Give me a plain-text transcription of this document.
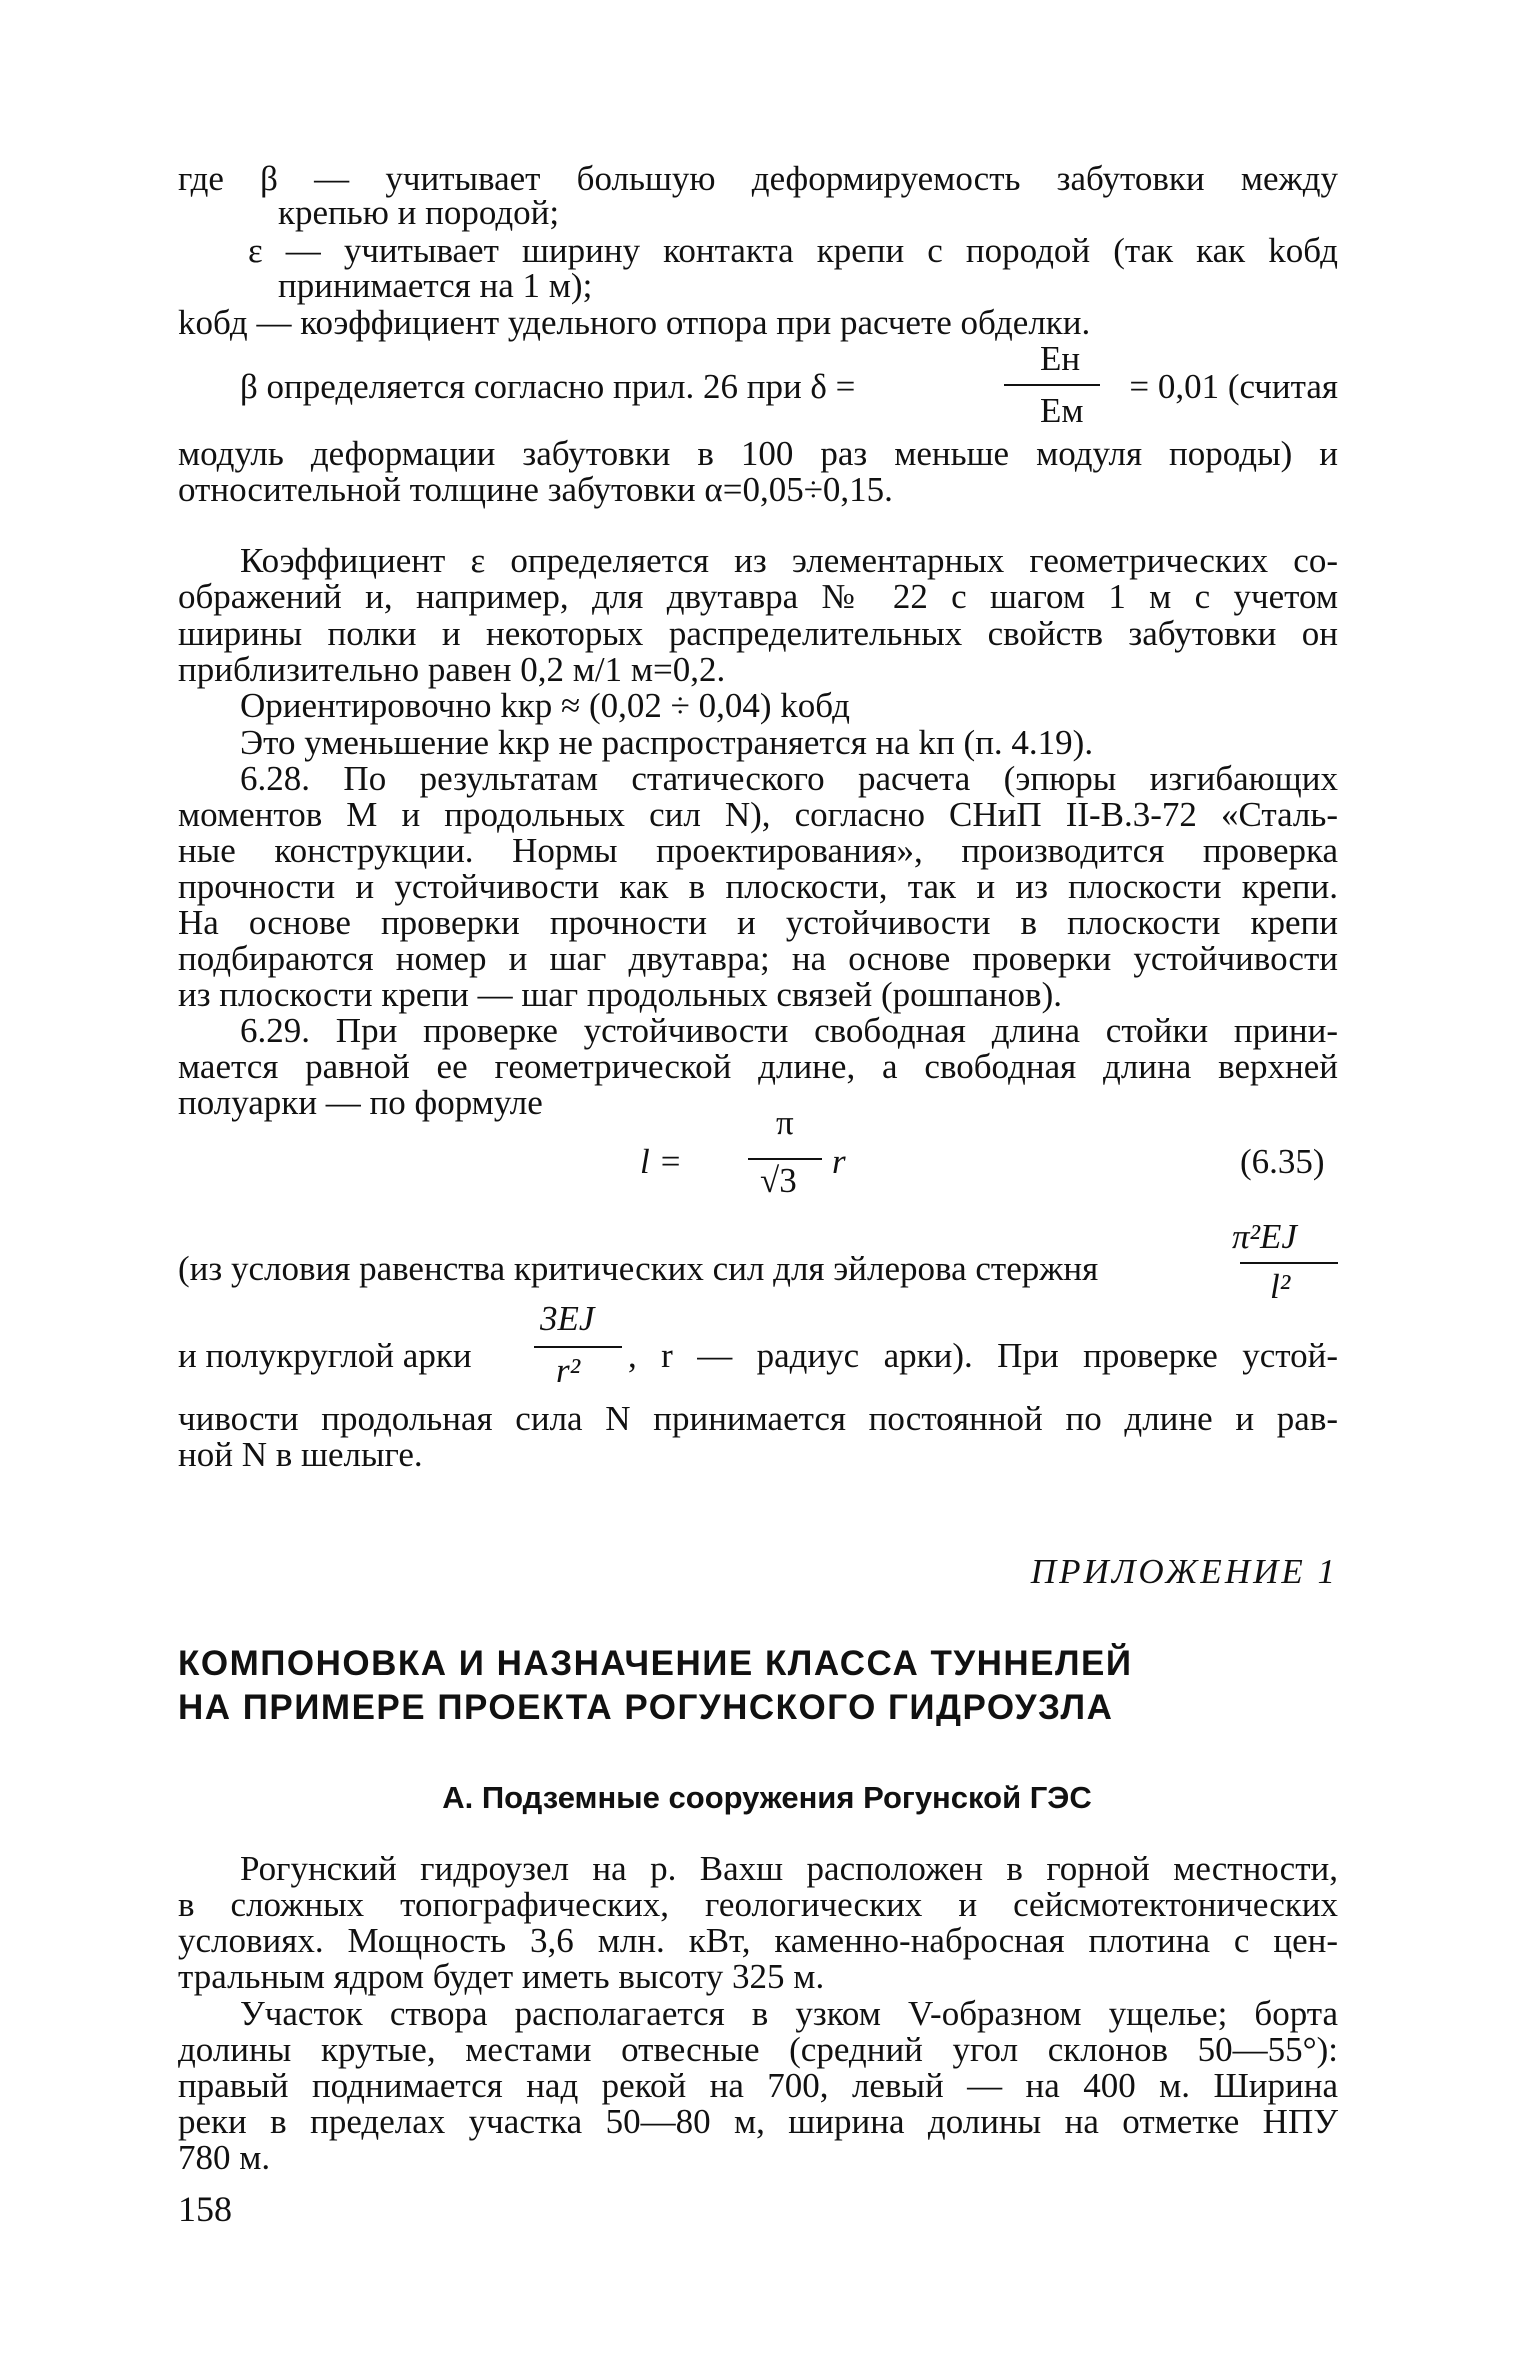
где β — учитывает большую деформируемость забутовки между
крепью и породой;
ε — учитывает ширину контакта крепи с породой (так как kобд
принимается на 1 м);
kобд — коэффициент удельного отпора при расчете обделки.
β определяется согласно прил. 26 при δ =
Eн
Eм
= 0,01 (считая
модуль деформации забутовки в 100 раз меньше модуля породы) и
относительной толщине забутовки α=0,05÷0,15.
Коэффициент ε определяется из элементарных геометрических со-
ображений и, например, для двутавра № 22 с шагом 1 м с учетом
ширины полки и некоторых распределительных свойств забутовки он
приблизительно равен 0,2 м/1 м=0,2.
Ориентировочно kкр ≈ (0,02 ÷ 0,04) kобд
Это уменьшение kкр не распространяется на kп (п. 4.19).
6.28. По результатам статического расчета (эпюры изгибающих
моментов M и продольных сил N), согласно СНиП II-В.3-72 «Сталь-
ные конструкции. Нормы проектирования», производится проверка
прочности и устойчивости как в плоскости, так и из плоскости крепи.
На основе проверки прочности и устойчивости в плоскости крепи
подбираются номер и шаг двутавра; на основе проверки устойчивости
из плоскости крепи — шаг продольных связей (рошпанов).
6.29. При проверке устойчивости свободная длина стойки прини-
мается равной ее геометрической длине, а свободная длина верхней
полуарки — по формуле
l =
π
√3 r	(6.35)
π²EJ
l²
(из условия равенства критических сил для эйлерова стержня
и полукруглой арки
3EJ
r² , r — радиус арки). При проверке устой-
чивости продольная сила N принимается постоянной по длине и рав-
ной N в шелыге.
ПРИЛОЖЕНИЕ 1
КОМПОНОВКА И НАЗНАЧЕНИЕ КЛАССА ТУННЕЛЕЙ
НА ПРИМЕРЕ ПРОЕКТА РОГУНСКОГО ГИДРОУЗЛА
А. Подземные сооружения Рогунской ГЭС
Рогунский гидроузел на р. Вахш расположен в горной местности,
в сложных топографических, геологических и сейсмотектонических
условиях. Мощность 3,6 млн. кВт, каменно-набросная плотина с цен-
тральным ядром будет иметь высоту 325 м.
Участок створа располагается в узком V-образном ущелье; борта
долины крутые, местами отвесные (средний угол склонов 50—55°):
правый поднимается над рекой на 700, левый — на 400 м. Ширина
реки в пределах участка 50—80 м, ширина долины на отметке НПУ
780 м.
158
